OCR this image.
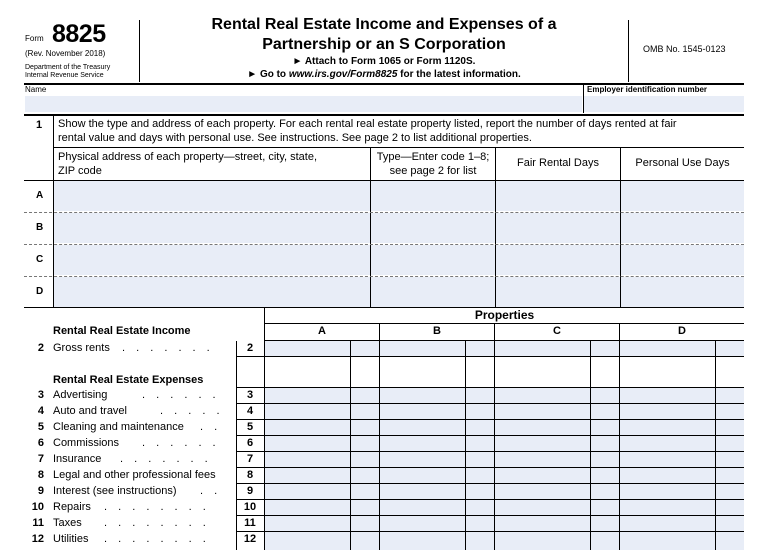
Form 8825
(Rev. November 2018)
Department of the Treasury
Internal Revenue Service
Rental Real Estate Income and Expenses of a
Partnership or an S Corporation
► Attach to Form 1065 or Form 1120S.
► Go to www.irs.gov/Form8825 for the latest information.
OMB No. 1545-0123
Name	Employer identification number
1 Show the type and address of each property. For each rental real estate property listed, report the number of days rented at fair
rental value and days with personal use. See instructions. See page 2 to list additional properties.
Physical address of each property—street, city, state,
ZIP code
Type—Enter code 1–8;
see page 2 for list
Fair Rental Days	Personal Use Days
A
B
C
D
Properties
A	B	C	D
Rental Real Estate Income
Rental Real Estate Expenses
2 Gross rents . . . . . . .	2
3 Advertising	. . . . . .	3
4 Auto and travel	. . . . .	4
5 Cleaning and maintenance . .	5
6 Commissions . . . . . .	6
7 Insurance . . . . . . .	7
8 Legal and other professional fees	8
9 Interest (see instructions) . .	9
10 Repairs . . . . . . . .	10
11 Taxes . . . . . . . .	11
12 Utilities . . . . . . . .	12
